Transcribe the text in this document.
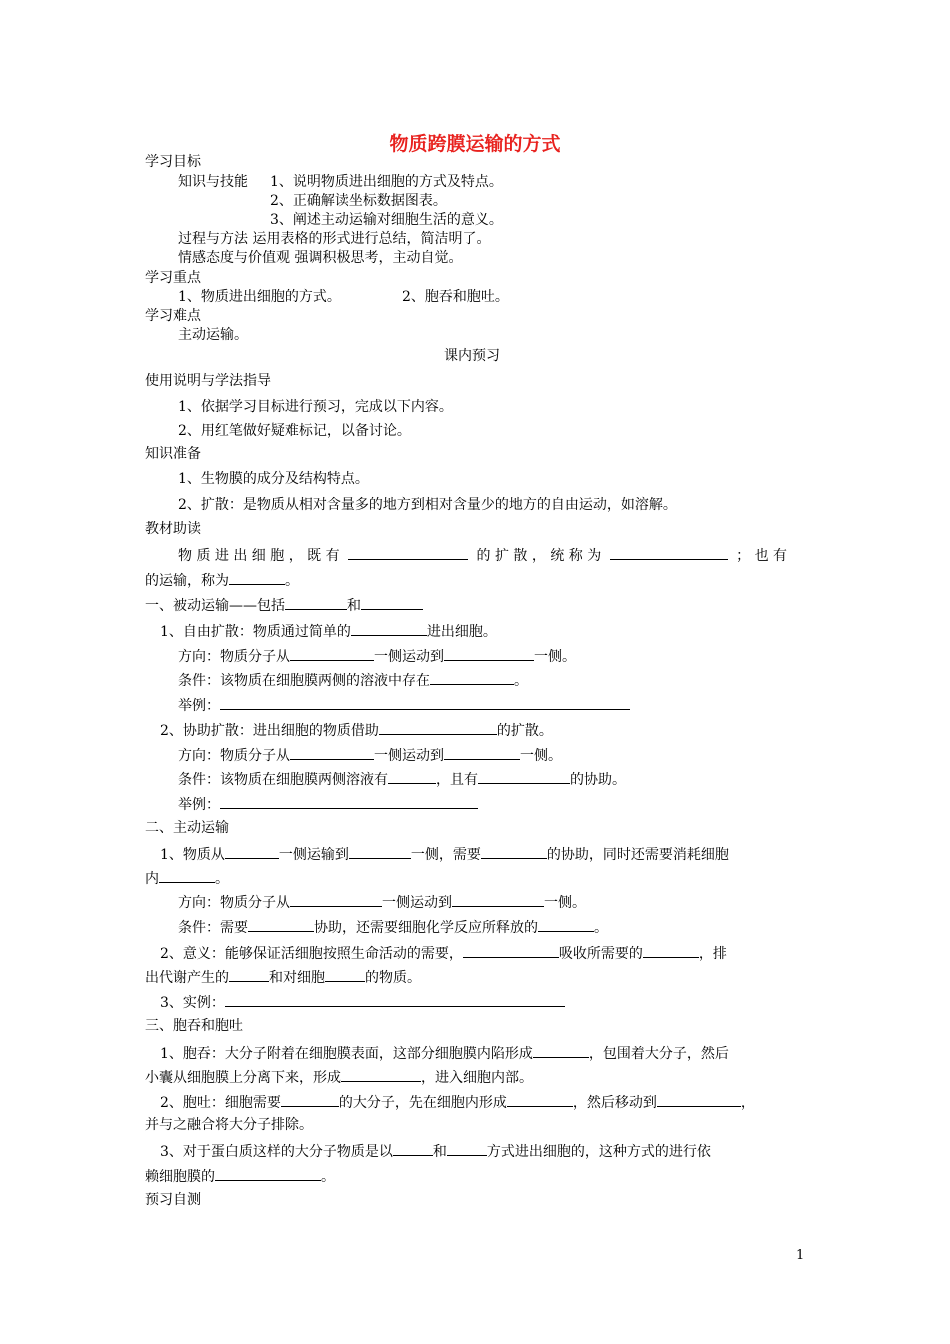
物质跨膜运输的方式
学习目标
知识与技能 1、说明物质进出细胞的方式及特点。
2、正确解读坐标数据图表。
3、阐述主动运输对细胞生活的意义。
过程与方法 运用表格的形式进行总结，简洁明了。
情感态度与价值观 强调积极思考，主动自觉。
学习重点
1、物质进出细胞的方式。	2、胞吞和胞吐。
学习难点
主动运输。
课内预习
使用说明与学法指导
1、依据学习目标进行预习，完成以下内容。
2、用红笔做好疑难标记，以备讨论。
知识准备
1、生物膜的成分及结构特点。
2、扩散：是物质从相对含量多的地方到相对含量少的地方的自由运动，如溶解。
教材助读
物 质 进 出 细 胞 ， 既 有	的 扩 散 ， 统 称 为	； 也 有
的运输，称为	。
一、被动运输——包括	和
1、自由扩散：物质通过简单的	进出细胞。
方向：物质分子从	一侧运动到	一侧。
条件：该物质在细胞膜两侧的溶液中存在	。
举例：
2、协助扩散：进出细胞的物质借助	的扩散。
方向：物质分子从	一侧运动到	一侧。
条件：该物质在细胞膜两侧溶液有	，且有	的协助。
举例：
二、主动运输
1、物质从	一侧运输到	一侧，需要	的协助，同时还需要消耗细胞
内	。
方向：物质分子从	一侧运动到	一侧。
条件：需要	协助，还需要细胞化学反应所释放的	。
2、意义：能够保证活细胞按照生命活动的需要，	吸收所需要的	，排
出代谢产生的	和对细胞	的物质。
3、实例：
三、胞吞和胞吐
1、胞吞：大分子附着在细胞膜表面，这部分细胞膜内陷形成	，包围着大分子，然后
小囊从细胞膜上分离下来，形成	，进入细胞内部。
2、胞吐：细胞需要	的大分子，先在细胞内形成	，然后移动到	，
并与之融合将大分子排除。
3、对于蛋白质这样的大分子物质是以	和	方式进出细胞的，这种方式的进行依
赖细胞膜的	。
预习自测
1
